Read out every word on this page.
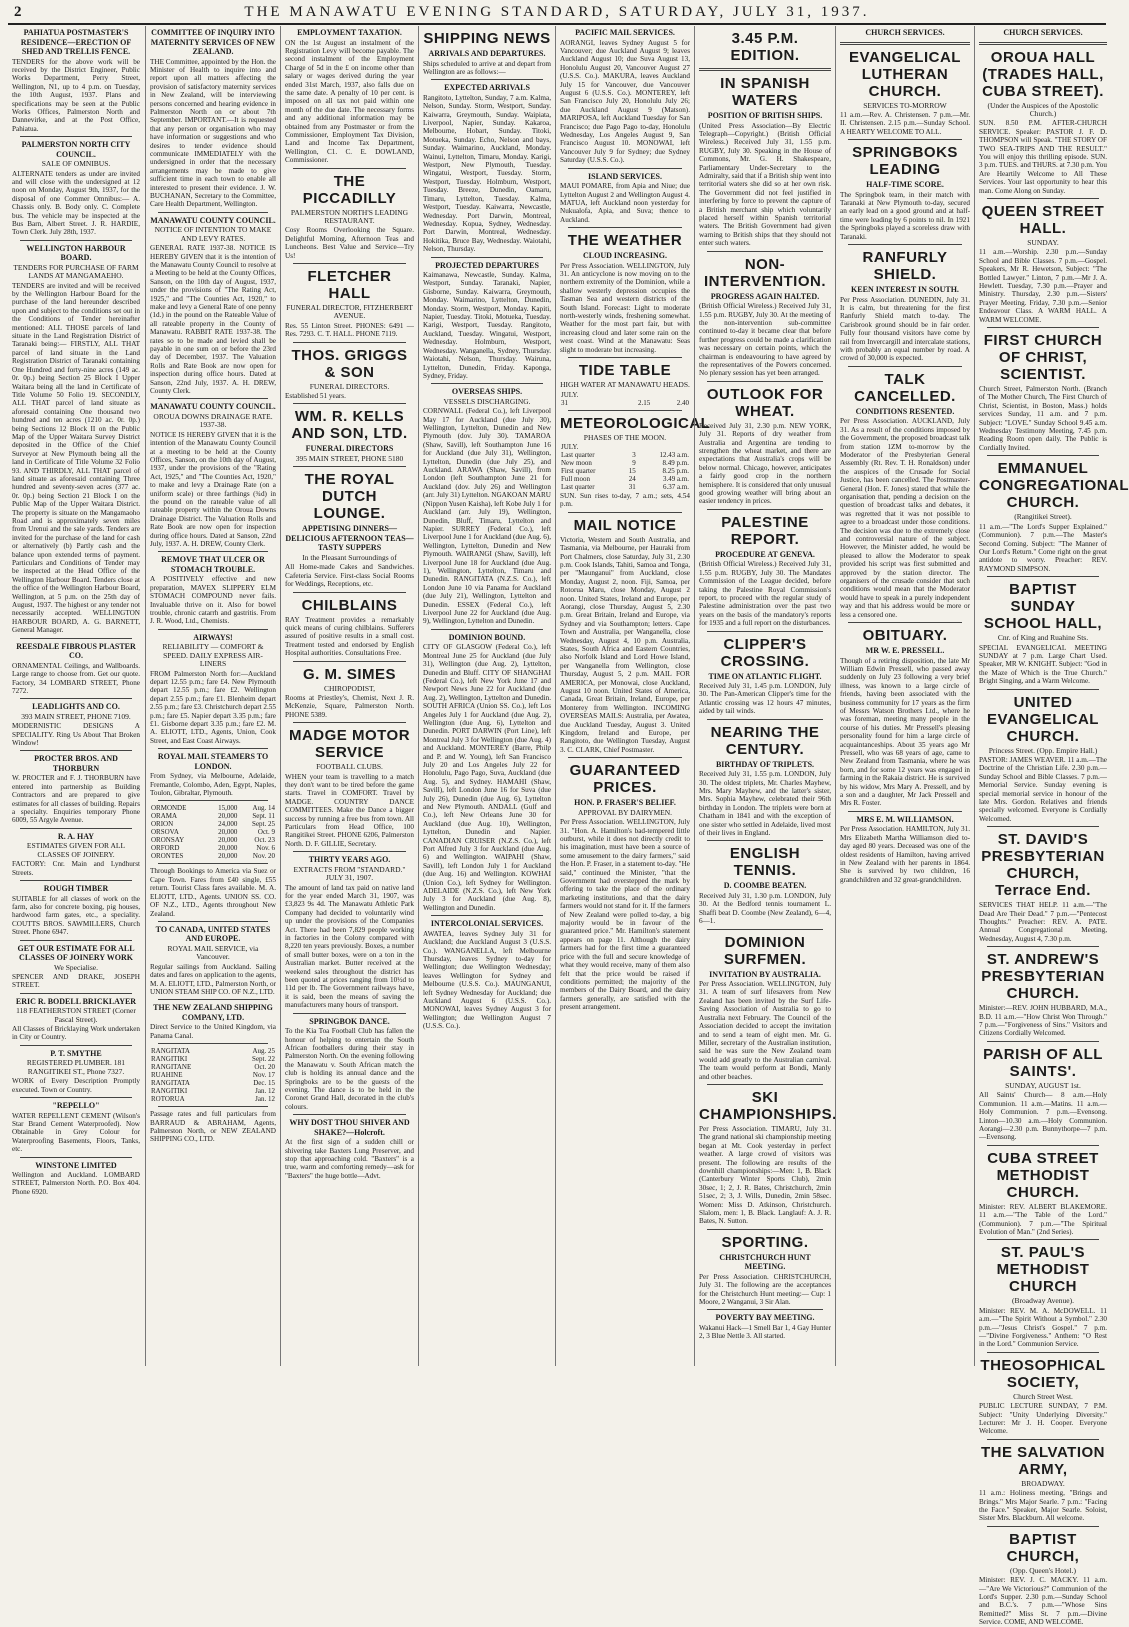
2	THE MANAWATU EVENING STANDARD, SATURDAY, JULY 31, 1937.
PAHIATUA POSTMASTER'S RESIDENCE—ERECTION OF SHED AND TRELLIS FENCE.
TENDERS for the above work will be received by the District Engineer, Public Works Department, Perry Street, Wellington, N1, up to 4 p.m. on Tuesday, the 10th August, 1937. Plans and specifications may be seen at the Public Works Offices, Palmerston North and Dannevirke, and at the Post Office, Pahiatua.
PALMERSTON NORTH CITY COUNCIL.
SALE OF OMNIBUS.
ALTERNATE tenders as under are invited and will close with the undersigned at 12 noon on Monday, August 9th, 1937, for the disposal of one Commer Omnibus:— A. Chassis only. B. Body only. C. Complete bus. The vehicle may be inspected at the Bus Barn, Albert Street. J. R. HARDIE, Town Clerk. July 28th, 1937.
WELLINGTON HARBOUR BOARD.
TENDERS FOR PURCHASE OF FARM LANDS AT MANGAMAEHO.
TENDERS are invited and will be received by the Wellington Harbour Board for the purchase of the land hereunder described upon and subject to the conditions set out in the Conditions of Tender hereinafter mentioned: ALL THOSE parcels of land situate in the Land Registration District of Taranaki being:— FIRSTLY, ALL THAT parcel of land situate in the Land Registration District of Taranaki containing One Hundred and forty-nine acres (149 ac. 0r. 0p.) being Section 25 Block I Upper Waitara being all the land in Certificate of Title Volume 50 Folio 19. SECONDLY, ALL THAT parcel of land situate as aforesaid containing One thousand two hundred and ten acres (1210 ac. 0r. 0p.) being Sections 12 Block II on the Public Map of the Upper Waitara Survey District deposited in the Office of the Chief Surveyor at New Plymouth being all the land in Certificate of Title Volume 32 Folio 93. AND THIRDLY, ALL THAT parcel of land situate as aforesaid containing Three hundred and seventy-seven acres (377 ac. 0r. 0p.) being Section 21 Block I on the Public Map of the Upper Waitara District. The property is situate on the Mangamaoho Road and is approximately seven miles from Urenui and the sale yards. Tenders are invited for the purchase of the land for cash or alternatively (b) Partly cash and the balance upon extended terms of payment. Particulars and Conditions of Tender may be inspected at the Head Office of the Wellington Harbour Board. Tenders close at the office of the Wellington Harbour Board, Wellington, at 5 p.m. on the 25th day of August, 1937. The highest or any tender not necessarily accepted. WELLINGTON HARBOUR BOARD, A. G. BARNETT, General Manager.
REESDALE FIBROUS PLASTER CO.
ORNAMENTAL Ceilings, and Wallboards. Large range to choose from. Get our quote. Factory, 34 LOMBARD STREET, Phone 7272.
LEADLIGHTS AND CO.
393 MAIN STREET, PHONE 7109.
MODERNISTIC DESIGNS A SPECIALITY. Ring Us About That Broken Window!
PROCTER BROS. AND THORBURN
W. PROCTER and F. J. THORBURN have entered into partnership as Building Contractors and are prepared to give estimates for all classes of building. Repairs a specialty. Enquiries temporary Phone 6009, 55 Argyle Avenue.
R. A. HAY
ESTIMATES GIVEN FOR ALL CLASSES OF JOINERY.
FACTORY: Cnr. Main and Lyndhurst Streets.
ROUGH TIMBER
SUITABLE for all classes of work on the farm, also for concrete boxing, pig houses, hardwood farm gates, etc., a speciality. COUTTS BROS. SAWMILLERS, Church Street. Phone 6947.
GET OUR ESTIMATE FOR ALL CLASSES OF JOINERY WORK
We Specialise.
SPENCER AND DRAKE, JOSEPH STREET.
ERIC R. BODELL BRICKLAYER
118 FEATHERSTON STREET (Corner Pascal Street).
All Classes of Bricklaying Work undertaken in City or Country.
P. T. SMYTHE
REGISTERED PLUMBER. 181 RANGITIKEI ST., Phone 7327.
WORK of Every Description Promptly executed. Town or Country.
"REPELLO"
WATER REPELLENT CEMENT (Wilson's Star Brand Cement Waterproofed). Now Obtainable in Grey Colour for Waterproofing Basements, Floors, Tanks, etc.
WINSTONE LIMITED
Wellington and Auckland. LOMBARD STREET, Palmerston North. P.O. Box 404. Phone 6920.
COMMITTEE OF INQUIRY INTO MATERNITY SERVICES OF NEW ZEALAND.
THE Committee, appointed by the Hon. the Minister of Health to inquire into and report upon all matters affecting the provision of satisfactory maternity services in New Zealand, will be interviewing persons concerned and hearing evidence in Palmerston North on or about 7th September. IMPORTANT.—It is requested that any person or organisation who may have information or suggestions and who desires to tender evidence should communicate IMMEDIATELY with the undersigned in order that the necessary arrangements may be made to give sufficient time in each town to enable all interested to present their evidence. J. W. BUCHANAN, Secretary to the Committee, Care Health Department, Wellington.
MANAWATU COUNTY COUNCIL.
NOTICE OF INTENTION TO MAKE AND LEVY RATES.
GENERAL RATE 1937-38. NOTICE IS HEREBY GIVEN that it is the intention of the Manawatu County Council to resolve at a Meeting to be held at the County Offices, Sanson, on the 10th day of August, 1937, under the provisions of "The Rating Act, 1925," and "The Counties Act, 1920," to make and levy a General Rate of one penny (1d.) in the pound on the Rateable Value of all rateable property in the County of Manawatu. RABBIT RATE 1937-38. The rates so to be made and levied shall be payable in one sum on or before the 23rd day of December, 1937. The Valuation Rolls and Rate Book are now open for inspection during office hours. Dated at Sanson, 22nd July, 1937. A. H. DREW, County Clerk.
MANAWATU COUNTY COUNCIL.
OROUA DOWNS DRAINAGE RATE. 1937-38.
NOTICE IS HEREBY GIVEN that it is the intention of the Manawatu County Council at a meeting to be held at the County Offices, Sanson, on the 10th day of August, 1937, under the provisions of the "Rating Act, 1925," and "The Counties Act, 1920," to make and levy a Drainage Rate (on a uniform scale) or three farthings (¾d) in the pound on the rateable value of all rateable property within the Oroua Downs Drainage District. The Valuation Rolls and Rate Book are now open for inspection during office hours. Dated at Sanson, 22nd July, 1937. A. H. DREW, County Clerk.
REMOVE THAT ULCER OR STOMACH TROUBLE.
A POSITIVELY effective and new preparation, MAVEX SLIPPERY ELM STOMACH COMPOUND never fails. Invaluable thrive on it. Also for bowel trouble, chronic catarrh and gastritis. From J. R. Wood, Ltd., Chemists.
AIRWAYS!
RELIABILITY — COMFORT & SPEED. DAILY EXPRESS AIR-LINERS
FROM Palmerston North for:—Auckland depart 12.55 p.m.; fare £4. New Plymouth depart 12.55 p.m.; fare £2. Wellington depart 2.55 p.m.; fare £1. Blenheim depart 2.55 p.m.; fare £3. Christchurch depart 2.55 p.m.; fare £5. Napier depart 3.35 p.m.; fare £1. Gisborne depart 3.35 p.m.; fare £2. M. A. ELIOTT, LTD., Agents, Union, Cook Street, and East Coast Airways.
ROYAL MAIL STEAMERS TO LONDON.
From Sydney, via Melbourne, Adelaide, Fremantle, Colombo, Aden, Egypt, Naples, Toulon, Gibraltar, Plymouth.
ORMONDE	15,000	Aug. 14
ORAMA	20,000	Sept. 11
ORION	24,000	Sept. 25
ORSOVA	20,000	Oct. 9
ORONSAY	20,000	Oct. 23
ORFORD	20,000	Nov. 6
ORONTES	20,000	Nov. 20
Through Bookings to America via Suez or Cape Town. Fares from £40 single, £55 return. Tourist Class fares available. M. A. ELIOTT, LTD., Agents. UNION SS. CO. OF N.Z., LTD., Agents throughout New Zealand.
TO CANADA, UNITED STATES AND EUROPE.
ROYAL MAIL SERVICE, via Vancouver.
Regular sailings from Auckland. Sailing dates and fares on application to the agents, M. A. ELIOTT, LTD., Palmerston North, or UNION STEAM SHIP CO. OF N.Z., LTD.
THE NEW ZEALAND SHIPPING COMPANY, LTD.
Direct Service to the United Kingdom, via Panama Canal.
RANGITATA	Aug. 25
RANGITIKI	Sept. 22
RANGITANE	Oct. 20
RUAHINE	Nov. 17
RANGITATA	Dec. 15
RANGITIKI	Jan. 12
ROTORUA	Jan. 12
Passage rates and full particulars from BARRAUD & ABRAHAM, Agents, Palmerston North, or NEW ZEALAND SHIPPING CO., LTD.
EMPLOYMENT TAXATION.
ON the 1st August an instalment of the Registration Levy will become payable. The second instalment of the Employment Charge of 5d in the £ on income other than salary or wages derived during the year ended 31st March, 1937, also falls due on the same date. A penalty of 10 per cent. is imposed on all tax not paid within one month of the due date. The necessary forms and any additional information may be obtained from any Postmaster or from the Commissioner, Employment Tax Division, Land and Income Tax Department, Wellington, C1. C. E. DOWLAND, Commissioner.
THE PICCADILLY
PALMERSTON NORTH'S LEADING RESTAURANT.
Cosy Rooms Overlooking the Square. Delightful Morning, Afternoon Teas and Luncheons. Best Value and Service—Try Us!
FLETCHER HALL
FUNERAL DIRECTOR, FITZHERBERT AVENUE.
Res. 55 Linton Street. PHONES: 6491 — Res. 7293. C. T. HALL. PHONE 7119.
THOS. GRIGGS & SON
FUNERAL DIRECTORS.
Established 51 years.
WM. R. KELLS AND SON, LTD.
FUNERAL DIRECTORS
395 MAIN STREET, PHONE 5180
THE ROYAL DUTCH LOUNGE.
APPETISING DINNERS—DELICIOUS AFTERNOON TEAS—TASTY SUPPERS
In the Pleasant Surroundings of
All Home-made Cakes and Sandwiches. Cafeteria Service. First-class Social Rooms for Weddings, Receptions, etc.
CHILBLAINS
RAY Treatment provides a remarkably quick means of curing chilblains. Sufferers assured of positive results in a small cost. Treatment tested and endorsed by English Hospital authorities. Consultations Free.
G. M. SIMES
CHIROPODIST,
Rooms at Priestley's, Chemist, Next J. R. McKenzie, Square, Palmerston North. PHONE 5389.
MADGE MOTOR SERVICE
FOOTBALL CLUBS.
WHEN your team is travelling to a match they don't want to be tired before the game starts. Travel in COMFORT. Travel by MADGE. COUNTRY DANCE COMMITTEES. Make the Dance a bigger success by running a free bus from town. All Particulars from Head Office, 100 Rangitikei Street. PHONE 6206, Palmerston North. D. F. GILLIE, Secretary.
THIRTY YEARS AGO.
EXTRACTS FROM "STANDARD." JULY 31, 1907.
The amount of land tax paid on native land for the year ended March 31, 1907, was £3,823 9s 4d. The Manawatu Athletic Park Company had decided to voluntarily wind up under the provisions of the Companies Act. There had been 7,829 people working in factories in the Colony compared with 8,220 ten years previously. Boxes, a number of small butter boxes, were on a ton in the Australian market. Butter received at the weekend sales throughout the district has been quoted at prices ranging from 10½d to 11d per lb. The Government railways have, it is said, been the means of saving the manufacturers many hours of transport.
SPRINGBOK DANCE.
To the Kia Toa Football Club has fallen the honour of helping to entertain the South African footballers during their stay in Palmerston North. On the evening following the Manawatu v. South African match the club is holding its annual dance and the Springboks are to be the guests of the evening. The dance is to be held in the Coronet Grand Hall, decorated in the club's colours.
WHY DOST THOU SHIVER AND SHAKE?—Holcroft.
At the first sign of a sudden chill or shivering take Baxters Lung Preserver, and stop that approaching cold. "Baxters" is a true, warm and comforting remedy—ask for "Baxters" the huge bottle—Advt.
SHIPPING NEWS
ARRIVALS AND DEPARTURES.
Ships scheduled to arrive at and depart from Wellington are as follows:—
EXPECTED ARRIVALS
Rangitoto, Lyttelton, Sunday, 7 a.m. Kalma, Nelson, Sunday. Storm, Westport, Sunday. Kaiwarra, Greymouth, Sunday. Waipiata, Liverpool, Napier, Sunday. Kakaroa, Melbourne, Hobart, Sunday. Titoki, Motueka, Sunday. Echo, Nelson and bays, Sunday. Waimarino, Auckland, Monday. Wainui, Lyttelton, Timaru, Monday. Karigi, Westport, New Plymouth, Tuesday. Wingatui, Westport, Tuesday. Storm, Westport, Tuesday. Holmburn, Westport, Tuesday. Breeze, Dunedin, Oamaru, Timaru, Lyttelton, Tuesday. Kalma, Westport, Tuesday. Kaiwarra, Newcastle, Wednesday. Port Darwin, Montreal, Wednesday. Kopua, Sydney, Wednesday. Port Darwin, Montreal, Wednesday. Hokitika, Bruce Bay, Wednesday. Waiotahi, Nelson, Thursday.
PROJECTED DEPARTURES
Kaimanawa, Newcastle, Sunday. Kalma, Westport, Sunday. Taranaki, Napier, Gisborne, Sunday. Kaiwarra, Greymouth, Monday. Waimarino, Lyttelton, Dunedin, Monday. Storm, Westport, Monday. Kapiti, Napier, Tuesday. Titoki, Motueka, Tuesday. Karigi, Westport, Tuesday. Rangitoto, Auckland, Tuesday. Wingatui, Westport, Wednesday. Holmburn, Westport, Wednesday. Wanganella, Sydney, Thursday. Waiotahi, Nelson, Thursday. Wairuna, Lyttelton, Dunedin, Friday. Kaponga, Sydney, Friday.
OVERSEAS SHIPS.
VESSELS DISCHARGING.
CORNWALL (Federal Co.), left Liverpool May 17 for Auckland (due July 30), Wellington, Lyttelton, Dunedin and New Plymouth (dov. July 30). TAMAROA (Shaw, Savill), left Southampton June 16 for Auckland (due July 31), Wellington, Lyttelton, Dunedin (due July 25), and Auckland. ARAWA (Shaw, Savill), from London (left Southampton June 21 for Auckland (dov. July 26) and Wellington (arr. July 31) Lyttelton. NGAKOAN MARU (Nippon Yusen Kaisha), left Kobe July 1 for Auckland (arr. July 19), Wellington, Dunedin, Bluff, Timaru, Lyttelton and Napier. SURREY (Federal Co.), left Liverpool June 1 for Auckland (due Aug. 6), Wellington, Lyttelton, Dunedin and New Plymouth. WAIRANGI (Shaw, Savill), left Liverpool June 18 for Auckland (due Aug. 1), Wellington, Lyttelton, Timaru and Dunedin. RANGITATA (N.Z.S. Co.), left London June 10 via Panama for Auckland (due July 21), Wellington, Lyttelton and Dunedin. ESSEX (Federal Co.), left Liverpool June 22 for Auckland (due Aug. 9), Wellington, Lyttelton and Dunedin.
DOMINION BOUND.
CITY OF GLASGOW (Federal Co.), left Montreal June 25 for Auckland (due July 31), Wellington (due Aug. 2), Lyttelton, Dunedin and Bluff. CITY OF SHANGHAI (Federal Co.), left New York June 17 and Newport News June 22 for Auckland (due Aug. 2), Wellington, Lyttelton and Dunedin. SOUTH AFRICA (Union SS. Co.), left Los Angeles July 1 for Auckland (due Aug. 2), Wellington (due Aug. 6), Lyttelton and Dunedin. PORT DARWIN (Port Line), left Montreal July 3 for Wellington (due Aug. 4) and Auckland. MONTEREY (Barre, Philp and P. and W. Young), left San Francisco July 20 and Los Angeles July 22 for Honolulu, Pago Pago, Suva, Auckland (due Aug. 5), and Sydney. HAMAHI (Shaw, Savill), left London June 16 for Suva (due July 26), Dunedin (due Aug. 6), Lyttelton and New Plymouth. ANDALL (Gulf and Co.), left New Orleans June 30 for Auckland (due Aug. 10), Wellington, Lyttelton, Dunedin and Napier. CANADIAN CRUISER (N.Z.S. Co.), left Port Alfred July 3 for Auckland (due Aug. 6) and Wellington. WAIPAHI (Shaw, Savill), left London July 1 for Auckland (due Aug. 16) and Wellington. KOWHAI (Union Co.), left Sydney for Wellington. ADELAIDE (N.Z.S. Co.), left New York July 3 for Auckland (due Aug. 8), Wellington and Dunedin.
INTERCOLONIAL SERVICES.
AWATEA, leaves Sydney July 31 for Auckland; due Auckland August 3 (U.S.S. Co.). WANGANELLA, left Melbourne Thursday, leaves Sydney to-day for Wellington; due Wellington Wednesday; leaves Wellington for Sydney and Melbourne (U.S.S. Co.). MAUNGANUI, left Sydney Wednesday for Auckland; due Auckland August 6 (U.S.S. Co.). MONOWAI, leaves Sydney August 3 for Wellington; due Wellington August 7 (U.S.S. Co.).
PACIFIC MAIL SERVICES.
AORANGI, leaves Sydney August 5 for Vancouver; due Auckland August 9; leaves Auckland August 10; due Suva August 13, Honolulu August 20, Vancouver August 27 (U.S.S. Co.). MAKURA, leaves Auckland July 15 for Vancouver, due Vancouver August 6 (U.S.S. Co.). MONTEREY, left San Francisco July 20, Honolulu July 26; due Auckland August 9 (Matson). MARIPOSA, left Auckland Tuesday for San Francisco; due Pago Pago to-day, Honolulu Wednesday, Los Angeles August 9, San Francisco August 10. MONOWAI, left Vancouver July 9 for Sydney; due Sydney Saturday (U.S.S. Co.).
ISLAND SERVICES.
MAUI POMARE, from Apia and Niue; due Lyttelton August 2 and Wellington August 4. MATUA, left Auckland noon yesterday for Nukualofa, Apia, and Suva; thence to Auckland.
THE WEATHER
CLOUD INCREASING.
Per Press Association. WELLINGTON, July 31. An anticyclone is now moving on to the northern extremity of the Dominion, while a shallow westerly depression occupies the Tasman Sea and western districts of the South Island. Forecast: Light to moderate north-westerly winds, freshening somewhat. Weather for the most part fair, but with increasing cloud and later some rain on the west coast. Wind at the Manawatu: Seas slight to moderate but increasing.
TIDE TABLE
HIGH WATER AT MANAWATU HEADS.
JULY.		
31	2.15	2.40
METEOROLOGICAL
PHASES OF THE MOON.
JULY.		
Last quarter	3	12.43 a.m.
New moon	9	8.49 p.m.
First quarter	15	8.25 p.m.
Full moon	24	3.49 a.m.
Last quarter	31	6.37 a.m.
SUN. Sun rises to-day, 7 a.m.; sets, 4.54 p.m.
MAIL NOTICE
Victoria, Western and South Australia, and Tasmania, via Melbourne, per Hauraki from Port Chalmers, close Saturday, July 31, 2.30 p.m. Cook Islands, Tahiti, Samoa and Tonga, per "Maunganui" from Auckland, close Monday, August 2, noon. Fiji, Samoa, per Rotorua Maru, close Monday, August 2 noon. United States, Ireland and Europe, per Aorangi, close Thursday, August 5, 2.30 p.m. Great Britain, Ireland and Europe, via Sydney and via Southampton; letters. Cape Town and Australia, per Wanganella, close Wednesday, August 4, 10 p.m. Australia, States, South Africa and Eastern Countries, also Norfolk Island and Lord Howe Island, per Wanganella from Wellington, close Thursday, August 5, 2 p.m. MAIL FOR AMERICA, per Monowai, close Auckland, August 10 noon. United States of America, Canada, Great Britain, Ireland, Europe, per Monterey from Wellington. INCOMING OVERSEAS MAILS: Australia, per Awatea, due Auckland Tuesday, August 3. United Kingdom, Ireland and Europe, per Rangitoto, due Wellington Tuesday, August 3. C. CLARK, Chief Postmaster.
GUARANTEED PRICES.
HON. P. FRASER'S BELIEF.
APPROVAL BY DAIRYMEN.
Per Press Association. WELLINGTON, July 31. "Hon. A. Hamilton's bad-tempered little outburst, while it does not directly credit to his imagination, must have been a source of some amusement to the dairy farmers," said the Hon. P. Fraser, in a statement to-day. "He said," continued the Minister, "that the Government had overstepped the mark by offering to take the place of the ordinary marketing institutions, and that the dairy farmers would not stand for it. If the farmers of New Zealand were polled to-day, a big majority would be in favour of the guaranteed price." Mr. Hamilton's statement appears on page 11. Although the dairy farmers had for the first time a guaranteed price with the full and secure knowledge of what they would receive, many of them also felt that the price would be raised if conditions permitted; the majority of the members of the Dairy Board, and the dairy farmers generally, are satisfied with the present arrangement.
3.45 P.M. EDITION.
IN SPANISH WATERS
POSITION OF BRITISH SHIPS.
(United Press Association—By Electric Telegraph—Copyright.) (British Official Wireless.) Received July 31, 1.55 p.m. RUGBY, July 30. Speaking in the House of Commons, Mr. G. H. Shakespeare, Parliamentary Under-Secretary to the Admiralty, said that if a British ship went into territorial waters she did so at her own risk. The Government did not feel justified in interfering by force to prevent the capture of a British merchant ship which voluntarily placed herself within Spanish territorial waters. The British Government had given warning to British ships that they should not enter such waters.
NON-INTERVENTION.
PROGRESS AGAIN HALTED.
(British Official Wireless.) Received July 31, 1.55 p.m. RUGBY, July 30. At the meeting of the non-intervention sub-committee continued to-day it became clear that before further progress could be made a clarification was necessary on certain points, which the chairman is endeavouring to have agreed by the representatives of the Powers concerned. No plenary session has yet been arranged.
OUTLOOK FOR WHEAT.
Received July 31, 2.30 p.m. NEW YORK, July 31. Reports of dry weather from Australia and Argentina are tending to strengthen the wheat market, and there are expectations that Australia's crops will be below normal. Chicago, however, anticipates a fairly good crop in the northern hemisphere. It is considered that only unusual good growing weather will bring about an easier tendency in prices.
PALESTINE REPORT.
PROCEDURE AT GENEVA.
(British Official Wireless.) Received July 31, 1.55 p.m. RUGBY, July 30. The Mandates Commission of the League decided, before taking the Palestine Royal Commission's report, to proceed with the regular study of Palestine administration over the past two years on the basis of the mandatory's reports for 1935 and a full report on the disturbances.
CLIPPER'S CROSSING.
TIME ON ATLANTIC FLIGHT.
Received July 31, 1.45 p.m. LONDON, July 30. The Pan-American Clipper's time for the Atlantic crossing was 12 hours 47 minutes, aided by tail winds.
NEARING THE CENTURY.
BIRTHDAY OF TRIPLETS.
Received July 31, 1.55 p.m. LONDON, July 30. The oldest triplets, Mr. Charles Mayhew, Mrs. Mary Mayhew, and the latter's sister, Mrs. Sophia Mayhew, celebrated their 96th birthday in London. The triplets were born at Chatham in 1841 and with the exception of one sister who settled in Adelaide, lived most of their lives in England.
ENGLISH TENNIS.
D. COOMBE BEATEN.
Received July 31, 1.30 p.m. LONDON, July 30. At the Bedford tennis tournament L. Shaffi beat D. Coombe (New Zealand), 6—4, 6—1.
DOMINION SURFMEN.
INVITATION BY AUSTRALIA.
Per Press Association. WELLINGTON, July 31. A team of surf lifesavers from New Zealand has been invited by the Surf Life-Saving Association of Australia to go to Australia next February. The Council of the Association decided to accept the invitation and to send a team of eight men. Mr. G. Miller, secretary of the Australian institution, said he was sure the New Zealand team would add greatly to the Australian carnival. The team would perform at Bondi, Manly and other beaches.
SKI CHAMPIONSHIPS.
Per Press Association. TIMARU, July 31. The grand national ski championship meeting began at Mt. Cook yesterday in perfect weather. A large crowd of visitors was present. The following are results of the downhill championships:—Men: 1, B. Black (Canterbury Winter Sports Club), 2min 30sec, 1; 2, J. R. Bates, Christchurch, 2min 51sec, 2; 3, J. Wills, Dunedin, 2min 58sec. Women: Miss D. Atkinson, Christchurch. Slalom, men: 1, B. Black. Langlauf: A. J. R. Bates, N. Sutton.
SPORTING.
CHRISTCHURCH HUNT MEETING.
Per Press Association. CHRISTCHURCH, July 31. The following are the acceptances for the Christchurch Hunt meeting:— Cup: 1 Moore, 2 Wanganui, 3 Sir Alan.
POVERTY BAY MEETING.
Wakanui Hack—1 Smell Bar 1, 4 Gay Hunter 2, 3 Blue Nettle 3. All started.
CHURCH SERVICES.
EVANGELICAL LUTHERAN CHURCH.
SERVICES TO-MORROW
11 a.m.—Rev. A. Christensen. 7 p.m.—Mr. II. Christensen. 2.15 p.m.—Sunday School. A HEARTY WELCOME TO ALL.
SPRINGBOKS LEADING
HALF-TIME SCORE.
The Springbok team, in their match with Taranaki at New Plymouth to-day, secured an early lead on a good ground and at half-time were leading by 6 points to nil. In 1921 the Springboks played a scoreless draw with Taranaki.
RANFURLY SHIELD.
KEEN INTEREST IN SOUTH.
Per Press Association. DUNEDIN, July 31. It is calm, but threatening for the first Ranfurly Shield match to-day. The Carisbrook ground should be in fair order. Fully four thousand visitors have come by rail from Invercargill and intercalate stations, with probably an equal number by road. A crowd of 30,000 is expected.
TALK CANCELLED.
CONDITIONS RESENTED.
Per Press Association. AUCKLAND, July 31. As a result of the conditions imposed by the Government, the proposed broadcast talk from station 1ZM to-morrow by the Moderator of the Presbyterian General Assembly (Rt. Rev. T. H. Ronaldson) under the auspices of the Crusade for Social Justice, has been cancelled. The Postmaster-General (Hon. F. Jones) stated that while the organisation that, pending a decision on the question of broadcast talks and debates, it was regretted that it was not possible to agree to a broadcast under those conditions. The decision was due to the extremely close and controversial nature of the subject. However, the Minister added, he would be pleased to allow the Moderator to speak provided his script was first submitted and approved by the station director. The organisers of the crusade consider that such conditions would mean that the Moderator would have to speak in a purely independent way and that his address would be more or less a censored one.
OBITUARY.
MR W. E. PRESSELL.
Though of a retiring disposition, the late Mr William Edwin Pressell, who passed away suddenly on July 23 following a very brief illness, was known to a large circle of friends, having been associated with the business community for 17 years as the firm of Messrs Watson Brothers Ltd., where he was foreman, meeting many people in the course of his duties. Mr Pressell's pleasing personality found for him a large circle of acquaintanceships. About 35 years ago Mr Pressell, who was 68 years of age, came to New Zealand from Tasmania, where he was born, and for some 12 years was engaged in farming in the Rakaia district. He is survived by his widow, Mrs Mary A. Pressell, and by a son and a daughter, Mr Jack Pressell and Mrs R. Foster.
MRS E. M. WILLIAMSON.
Per Press Association. HAMILTON, July 31. Mrs Elizabeth Martha Williamson died to-day aged 80 years. Deceased was one of the oldest residents of Hamilton, having arrived in New Zealand with her parents in 1864. She is survived by two children, 16 grandchildren and 32 great-grandchildren.
CHURCH SERVICES.
OROUA HALL (TRADES HALL, CUBA STREET).
(Under the Auspices of the Apostolic Church.)
SUN. 8.50 P.M. AFTER-CHURCH SERVICE. Speaker: PASTOR J. F. D. THOMPSON will Speak. "THE STORY OF TWO SEA-TRIPS AND THE RESULT." You will enjoy this thrilling episode. SUN. 3 p.m. TUES. and THURS. at 7.30 p.m. You Are Heartily Welcome to All These Services. Your last opportunity to hear this man. Come Along on Sunday.
QUEEN STREET HALL.
SUNDAY.
11 a.m.—Worship. 2.30 p.m.—Sunday School and Bible Classes. 7 p.m.—Gospel. Speakers, Mr R. Hewetson, Subject: "The Bottled Lawyer." Linton, 7 p.m.—Mr J. A. Hewlett. Tuesday, 7.30 p.m.—Prayer and Ministry. Thursday, 2.30 p.m.—Sisters' Prayer Meeting. Friday, 7.30 p.m.—Senior Endeavour Class. A WARM HALL. A WARM WELCOME.
FIRST CHURCH OF CHRIST, SCIENTIST.
Church Street, Palmerston North. (Branch of The Mother Church, The First Church of Christ, Scientist, in Boston, Mass.) holds services Sunday, 11 a.m. and 7 p.m. Subject: "LOVE." Sunday School 9.45 a.m. Wednesday Testimony Meeting, 7.45 p.m. Reading Room open daily. The Public is Cordially Invited.
EMMANUEL CONGREGATIONAL CHURCH.
(Rangitikei Street).
11 a.m.—"The Lord's Supper Explained." (Communion). 7 p.m.—The Master's Second Coming. Subject: "The Manner of Our Lord's Return." Come right on the great antidote to worry. Preacher: REV. RAYMOND SIMPSON.
BAPTIST SUNDAY SCHOOL HALL,
Cnr. of King and Ruahine Sts.
SPECIAL EVANGELICAL MEETING SUNDAY at 7 p.m. Large Chart Used. Speaker, MR W. KNIGHT. Subject: "God in the Maze of Which is the True Church." Bright Singing, and a Warm Welcome.
UNITED EVANGELICAL CHURCH.
Princess Street. (Opp. Empire Hall.)
PASTOR: JAMES WEAVER. 11 a.m.—The Doctrine of the Christian Life. 2.30 p.m.—Sunday School and Bible Classes. 7 p.m.—Memorial Service. Sunday evening is special memorial service in honour of the late Mrs. Gordon. Relatives and friends specially welcomed. Everyone is Cordially Welcomed.
ST. DAVID'S PRESBYTERIAN CHURCH, Terrace End.
SERVICES THAT HELP. 11 a.m.—"The Dead Are Their Dead." 7 p.m.—"Pentecost Thoughts." Preacher: REV. A. PATE. Annual Congregational Meeting, Wednesday, August 4, 7.30 p.m.
ST. ANDREW'S PRESBYTERIAN CHURCH.
Minister:—REV. JOHN HUBBARD, M.A., B.D. 11 a.m.—"How Christ Won Through." 7 p.m.—"Forgiveness of Sins." Visitors and Citizens Cordially Welcomed.
PARISH OF ALL SAINTS'.
SUNDAY, AUGUST 1st.
All Saints' Church— 8 a.m.—Holy Communion. 11 a.m.—Matins. 11 a.m.—Holy Communion. 7 p.m.—Evensong. Linton—10.30 a.m.—Holy Communion. Aorangi—2.30 p.m. Bunnythorpe—7 p.m.—Evensong.
CUBA STREET METHODIST CHURCH.
Minister: REV. ALBERT BLAKEMORE. 11 a.m.—"The Table of the Lord." (Communion). 7 p.m.—"The Spiritual Evolution of Man." (2nd Series).
ST. PAUL'S METHODIST CHURCH
(Broadway Avenue).
Minister: REV. M. A. McDOWELL. 11 a.m.—"The Spirit Without a Symbol." 2.30 p.m.—"Jesus Christ's Gospel." 7 p.m.—"Divine Forgiveness." Anthem: "O Rest in the Lord." Communion Service.
THEOSOPHICAL SOCIETY,
Church Street West.
PUBLIC LECTURE SUNDAY, 7 P.M. Subject: "Unity Underlying Diversity." Lecturer: Mr J. H. Cooper. Everyone Welcome.
THE SALVATION ARMY,
BROADWAY.
11 a.m.: Holiness meeting, "Brings and Brings." Mrs Major Searle. 7 p.m.: "Facing the Face." Speaker, Major Searle. Soloist, Sister Mrs. Blackburn. All welcome.
BAPTIST CHURCH,
(Opp. Queen's Hotel.)
Minister: REV. J. C. MACKY. 11 a.m.—"Are We Victorious?" Communion of the Lord's Supper. 2.30 p.m.—Sunday School and B.C.'s. 7 p.m.—"Whose Sins Remitted?" Miss St. 7 p.m.—Divine Service. COME, AND WELCOME.
